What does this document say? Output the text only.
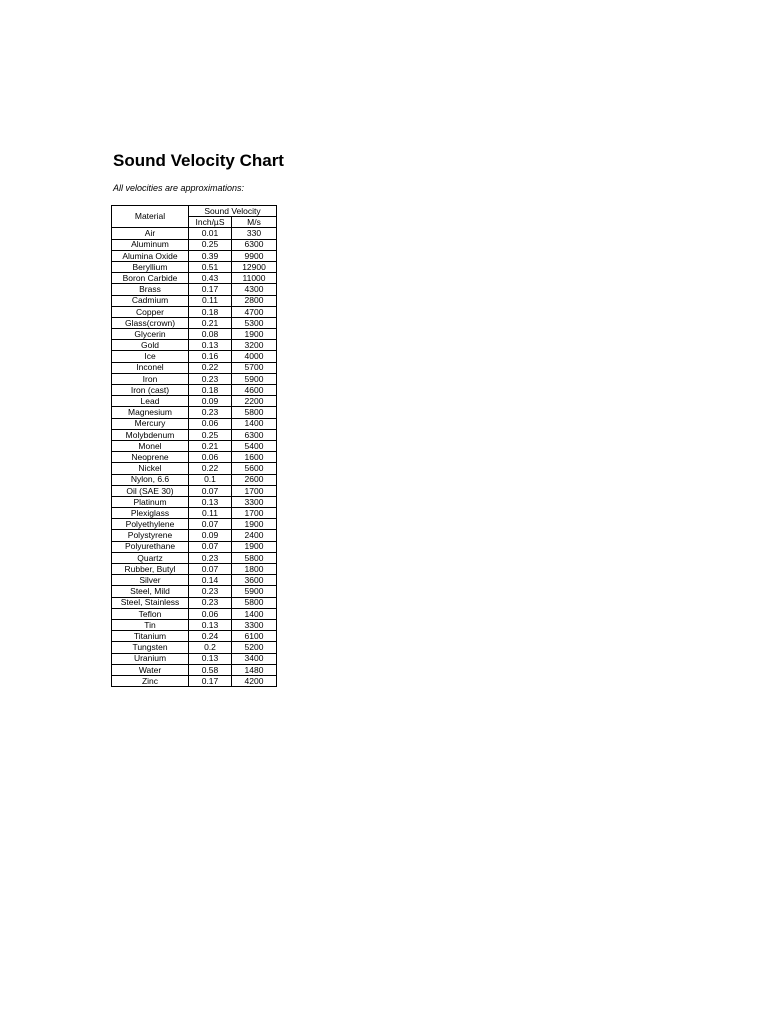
Sound Velocity Chart
All velocities are approximations:
Material	Sound Velocity	
	Inch/µS	M/s
Air	0.01	330
Aluminum	0.25	6300
Alumina Oxide	0.39	9900
Beryllium	0.51	12900
Boron Carbide	0.43	11000
Brass	0.17	4300
Cadmium	0.11	2800
Copper	0.18	4700
Glass(crown)	0.21	5300
Glycerin	0.08	1900
Gold	0.13	3200
Ice	0.16	4000
Inconel	0.22	5700
Iron	0.23	5900
Iron (cast)	0.18	4600
Lead	0.09	2200
Magnesium	0.23	5800
Mercury	0.06	1400
Molybdenum	0.25	6300
Monel	0.21	5400
Neoprene	0.06	1600
Nickel	0.22	5600
Nylon, 6.6	0.1	2600
Oil (SAE 30)	0.07	1700
Platinum	0.13	3300
Plexiglass	0.11	1700
Polyethylene	0.07	1900
Polystyrene	0.09	2400
Polyurethane	0.07	1900
Quartz	0.23	5800
Rubber, Butyl	0.07	1800
Silver	0.14	3600
Steel, Mild	0.23	5900
Steel, Stainless	0.23	5800
Teflon	0.06	1400
Tin	0.13	3300
Titanium	0.24	6100
Tungsten	0.2	5200
Uranium	0.13	3400
Water	0.58	1480
Zinc	0.17	4200
